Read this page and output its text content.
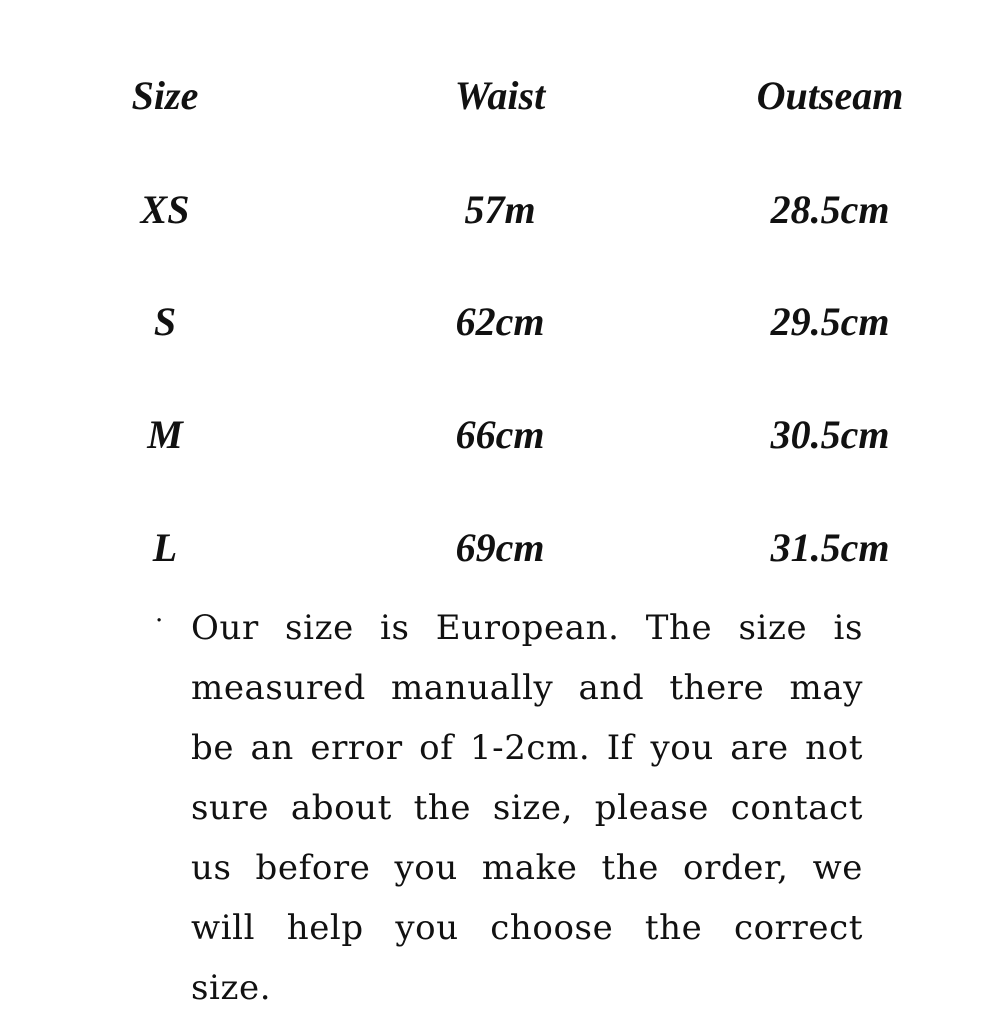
Size	Waist	Outseam
XS	57m	28.5cm
S	62cm	29.5cm
M	66cm	30.5cm
L	69cm	31.5cm
· Our size is European. The size is measured manually and there may be an error of 1-2cm. If you are not sure about the size, please contact us before you make the order, we will help you choose the correct size.
